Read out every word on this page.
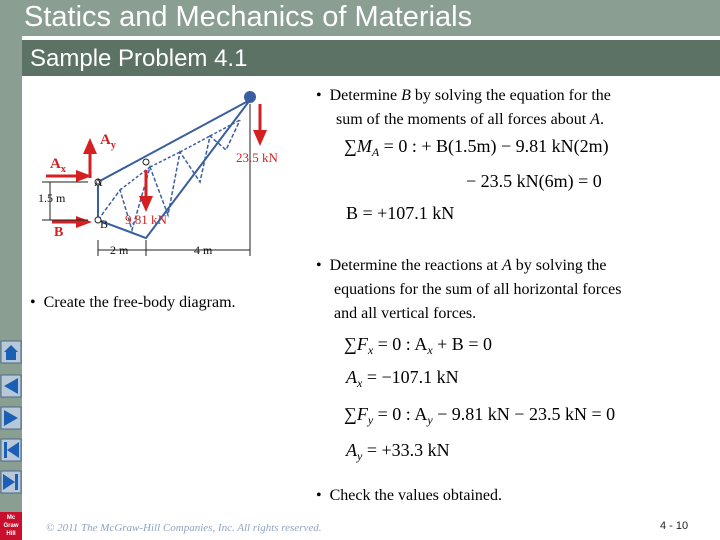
Statics and Mechanics of Materials
Sample Problem 4.1
Mc
Graw
Hill
$A_y$
$A_x$
A
B
B
1.5 m
2 m	4 m
9.81 kN
23.5 kN
•  Create the free-body diagram.
•  Determine B by solving the equation for the
sum of the moments of all forces about A.
$\sum M_A = 0$ : + B(1.5m) − 9.81 kN(2m)
− 23.5 kN(6m) = 0
B = +107.1 kN
•  Determine the reactions at A by solving the
equations for the sum of all horizontal forces
and all vertical forces.
$\sum F_x = 0$ : $A_x + B = 0$
$A_x = -107.1$ kN
$\sum F_y = 0$ : $A_y - 9.81$ kN − 23.5 kN = 0
$A_y = +33.3$ kN
•  Check the values obtained.
© 2011 The McGraw-Hill Companies, Inc. All rights reserved.	4 - 10
